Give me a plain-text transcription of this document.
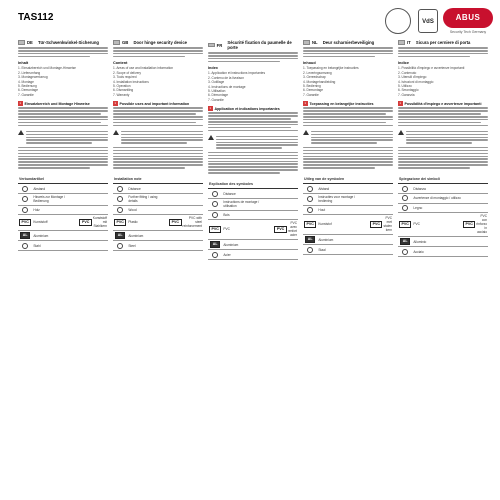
TAS112 VdS	ABUS
Security Tech Germany
DE
Tür-Schwenkwinkel-Sicherung
Inhalt
1. Einsatzbereich und Montage-Hinweise
2. Lieferumfang
3. Montagewerkzeug
4. Montage
5. Bedienung
6. Demontage
7. Garantie
1 Einsatzbereich und Montage Hinweise
Verbundartikel		
	Abstand	
	Hinweis zur Montage / Bedienung	
	Holz	
PVC	Kunststoff	PVC
Kunststoff mit Stahlkern

AL	Aluminium	
	Stahl	
GB
Door hinge security device
Content
1. Areas of use and installation information
2. Scope of delivery
3. Tools required
4. Installation instructions
5. Operation
6. Dismantling
7. Warranty
1 Possible uses and important information
Installation note		
	Distance	
	Further fitting / using details	
	Wood	
PVC	Plastic	PVC
PVC with steel reinforcement

AL	Aluminium	
	Steel	
FR
Sécurité fixation du paumelle de porte
Index
1. Application et instructions importantes
2. Contenu de la livraison
3. Outillage
4. Instructions de montage
5. Utilisation
6. Démontage
7. Garantie
1 Application et indications importantes
Explication des symboles		
	Distance	
	Instructions de montage / utilisation	
	Bois	
PVC	PVC	PVC
PVC avec renfort acier

AL	Aluminium	
	Acier	
NL
Deur scharnierbeveiliging
Inhoud
1. Toepassing en belangrijke instructies
2. Leveringsomvang
3. Gereedschap
4. Montagehandleiding
5. Bediening
6. Demontage
7. Garantie
1 Toepassing en belangrijke instructies
Uitleg van de symbolen		
	Afstand	
	Instructies voor montage / bediening	
	Hout	
PVC	Kunststof	PVC
PVC met stalen kern

AL	Aluminium	
	Staal	
IT
Sicura per cerniere di porta
Indice
1. Possibilità d'impiego e avvertenze importanti
2. Contenuto
3. Utensili d'impiego
4. Istruzioni di montaggio
5. Utilizzo
6. Smontaggio
7. Garanzia
1 Possibilità d'impiego e avvertenze importanti
Spiegazione dei simboli		
	Distanza	
	Avvertenze di montaggio / utilizzo	
	Legno	
PVC	PVC	PVC
PVC con rinforzo in acciaio

AL	Alluminio	
	Acciaio	
